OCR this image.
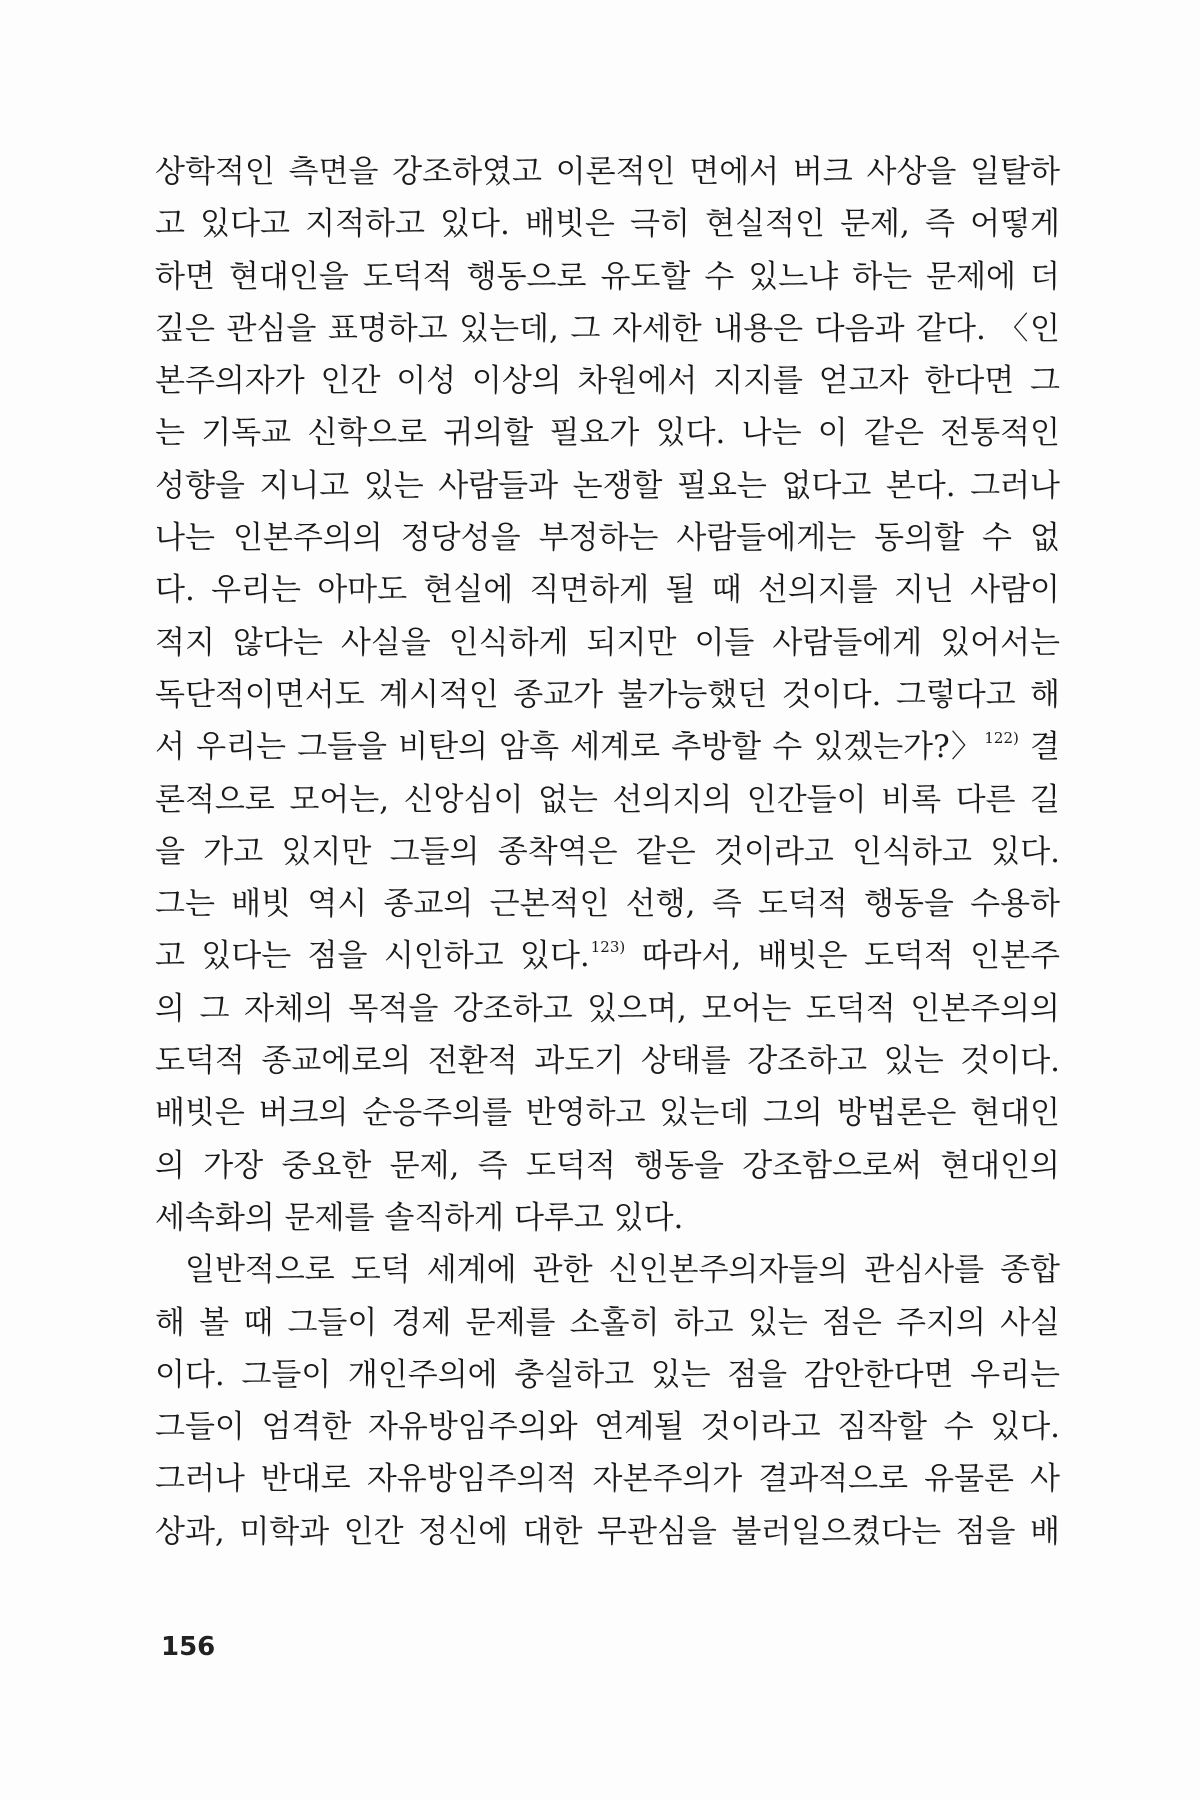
상학적인 측면을 강조하였고 이론적인 면에서 버크 사상을 일탈하
고 있다고 지적하고 있다. 배빗은 극히 현실적인 문제, 즉 어떻게
하면 현대인을 도덕적 행동으로 유도할 수 있느냐 하는 문제에 더
깊은 관심을 표명하고 있는데, 그 자세한 내용은 다음과 같다. 〈인
본주의자가 인간 이성 이상의 차원에서 지지를 얻고자 한다면 그
는 기독교 신학으로 귀의할 필요가 있다. 나는 이 같은 전통적인
성향을 지니고 있는 사람들과 논쟁할 필요는 없다고 본다. 그러나
나는 인본주의의 정당성을 부정하는 사람들에게는 동의할 수 없
다. 우리는 아마도 현실에 직면하게 될 때 선의지를 지닌 사람이
적지 않다는 사실을 인식하게 되지만 이들 사람들에게 있어서는
독단적이면서도 계시적인 종교가 불가능했던 것이다. 그렇다고 해
서 우리는 그들을 비탄의 암흑 세계로 추방할 수 있겠는가?〉$^{122)}$ 결
론적으로 모어는, 신앙심이 없는 선의지의 인간들이 비록 다른 길
을 가고 있지만 그들의 종착역은 같은 것이라고 인식하고 있다.
그는 배빗 역시 종교의 근본적인 선행, 즉 도덕적 행동을 수용하
고 있다는 점을 시인하고 있다.$^{123)}$ 따라서, 배빗은 도덕적 인본주
의 그 자체의 목적을 강조하고 있으며, 모어는 도덕적 인본주의의
도덕적 종교에로의 전환적 과도기 상태를 강조하고 있는 것이다.
배빗은 버크의 순응주의를 반영하고 있는데 그의 방법론은 현대인
의 가장 중요한 문제, 즉 도덕적 행동을 강조함으로써 현대인의
세속화의 문제를 솔직하게 다루고 있다.
일반적으로 도덕 세계에 관한 신인본주의자들의 관심사를 종합
해 볼 때 그들이 경제 문제를 소홀히 하고 있는 점은 주지의 사실
이다. 그들이 개인주의에 충실하고 있는 점을 감안한다면 우리는
그들이 엄격한 자유방임주의와 연계될 것이라고 짐작할 수 있다.
그러나 반대로 자유방임주의적 자본주의가 결과적으로 유물론 사
상과, 미학과 인간 정신에 대한 무관심을 불러일으켰다는 점을 배
156
